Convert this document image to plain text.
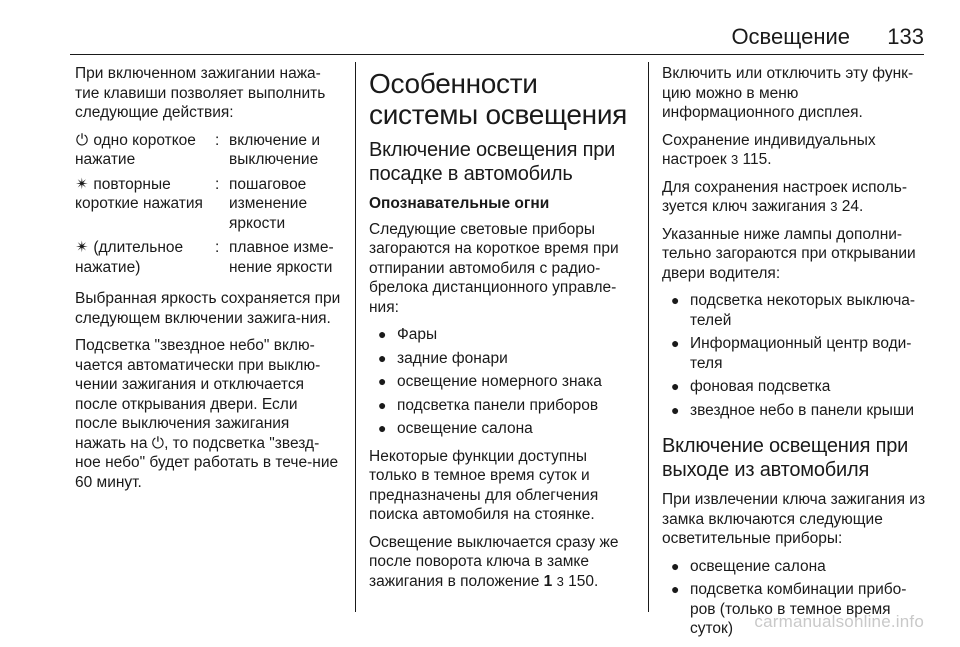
Освещение 133

При включенном зажигании нажа-тие клавиши позволяет выполнить следующие действия:

⏻ одно короткое нажатие
: включение и выключение
✴ повторные короткие нажатия
: пошаговое изменение яркости
✴ (длительное нажатие)
: плавное изме-нение яркости

Выбранная яркость сохраняется при следующем включении зажига-ния.

Подсветка "звездное небо" вклю-чается автоматически при выклю-чении зажигания и отключается после открывания двери. Если после выключения зажигания нажать на ⏻, то подсветка "звезд-ное небо" будет работать в тече-ние 60 минут.

Особенности системы освещения
Включение освещения при посадке в автомобиль
Опознавательные огни

Следующие световые приборы загораются на короткое время при отпирании автомобиля с радио-брелока дистанционного управле-ния:

● Фары
● задние фонари
● освещение номерного знака
● подсветка панели приборов
● освещение салона

Некоторые функции доступны только в темное время суток и предназначены для облегчения поиска автомобиля на стоянке.

Освещение выключается сразу же после поворота ключа в замке зажигания в положение 1 3 150.

Включить или отключить эту функ-цию можно в меню информационного дисплея.

Сохранение индивидуальных настроек 3 115.

Для сохранения настроек исполь-зуется ключ зажигания 3 24.

Указанные ниже лампы дополни-тельно загораются при открывании двери водителя:

● подсветка некоторых выключа-телей
● Информационный центр води-теля
● фоновая подсветка
● звездное небо в панели крыши
Включение освещения при выходе из автомобиля

При извлечении ключа зажигания из замка включаются следующие осветительные приборы:

● освещение салона
● подсветка комбинации прибо-ров (только в темное время суток)	carmanualsonline.info
